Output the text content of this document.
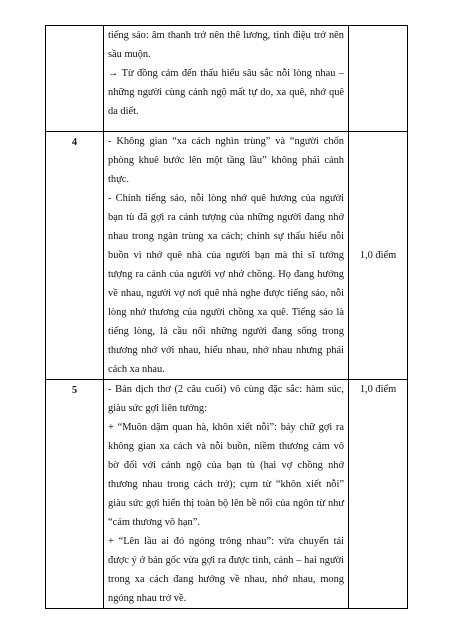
	tiếng sáo: âm thanh trở nên thê lương, tình điệu trở nên sầu muộn.

→ Từ đồng cảm đến thấu hiểu sâu sắc nỗi lòng nhau – những người cùng cảnh ngộ mất tự do, xa quê, nhớ quê da diết.	

4	- Không gian “xa cách nghìn trùng” và “người chốn phòng khuê bước lên một tầng lầu” không phải cảnh thực.

- Chính tiếng sáo, nỗi lòng nhớ quê hương của người bạn tù đã gợi ra cảnh tượng của những người đang nhớ nhau trong ngàn trùng xa cách; chính sự thấu hiểu nỗi buồn vì nhớ quê nhà của người bạn mà thi sĩ tưởng tượng ra cảnh của người vợ nhớ chồng. Họ đang hướng về nhau, người vợ nơi quê nhà nghe được tiếng sáo, nỗi lòng nhớ thương của người chồng xa quê. Tiếng sáo là tiếng lòng, là cầu nối những người đang sống trong thương nhớ với nhau, hiểu nhau, nhớ nhau nhưng phải cách xa nhau.	1,0 điểm
5	- Bản dịch thơ (2 câu cuối) vô cùng đặc sắc: hàm súc, giàu sức gợi liên tưởng:

+ “Muôn dặm quan hà, khôn xiết nỗi”: bảy chữ gợi ra không gian xa cách và nỗi buồn, niềm thương cảm vô bờ đối với cảnh ngộ của bạn tù (hai vợ chồng nhớ thương nhau trong cách trở); cụm từ “khôn xiết nỗi” giàu sức gợi hiển thị toàn bộ lên bề nổi của ngôn từ như “cảm thương vô hạn”.

+ “Lên lầu ai đó ngóng trông nhau”: vừa chuyển tải được ý ở bản gốc vừa gợi ra được tình, cảnh – hai người trong xa cách đang hướng về nhau, nhớ nhau, mong ngóng nhau trở về.	1,0 điểm
